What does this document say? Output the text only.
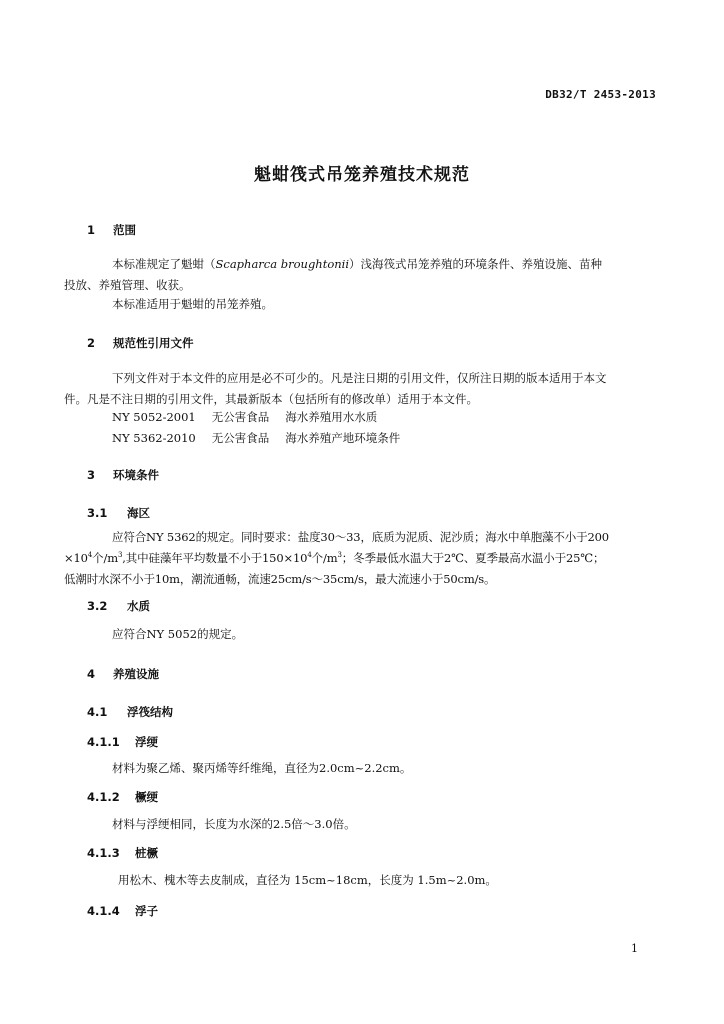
DB32/T 2453-2013
魁蚶筏式吊笼养殖技术规范
1 范围
本标准规定了魁蚶（Scapharca broughtonii）浅海筏式吊笼养殖的环境条件、养殖设施、苗种
投放、养殖管理、收获。
本标准适用于魁蚶的吊笼养殖。
2 规范性引用文件
下列文件对于本文件的应用是必不可少的。凡是注日期的引用文件，仅所注日期的版本适用于本文
件。凡是不注日期的引用文件，其最新版本（包括所有的修改单）适用于本文件。
NY 5052-2001 无公害食品 海水养殖用水水质
NY 5362-2010 无公害食品 海水养殖产地环境条件
3 环境条件
3.1 海区
应符合NY 5362的规定。同时要求：盐度30～33，底质为泥质、泥沙质；海水中单胞藻不小于200
$\times 10^4$个$/m^3$,其中硅藻年平均数量不小于$150\times 10^4$个$/m^3$；冬季最低水温大于2℃、夏季最高水温小于25℃；
低潮时水深不小于10m，潮流通畅，流速25cm/s～35cm/s，最大流速小于50cm/s。
3.2 水质
应符合NY 5052的规定。
4 养殖设施
4.1 浮筏结构
4.1.1 浮绠
材料为聚乙烯、聚丙烯等纤维绳，直径为2.0cm~2.2cm。
4.1.2 橛绠
材料与浮绠相同，长度为水深的2.5倍～3.0倍。
4.1.3 桩橛
用松木、槐木等去皮制成，直径为 15cm~18cm，长度为 1.5m~2.0m。
4.1.4 浮子
1
